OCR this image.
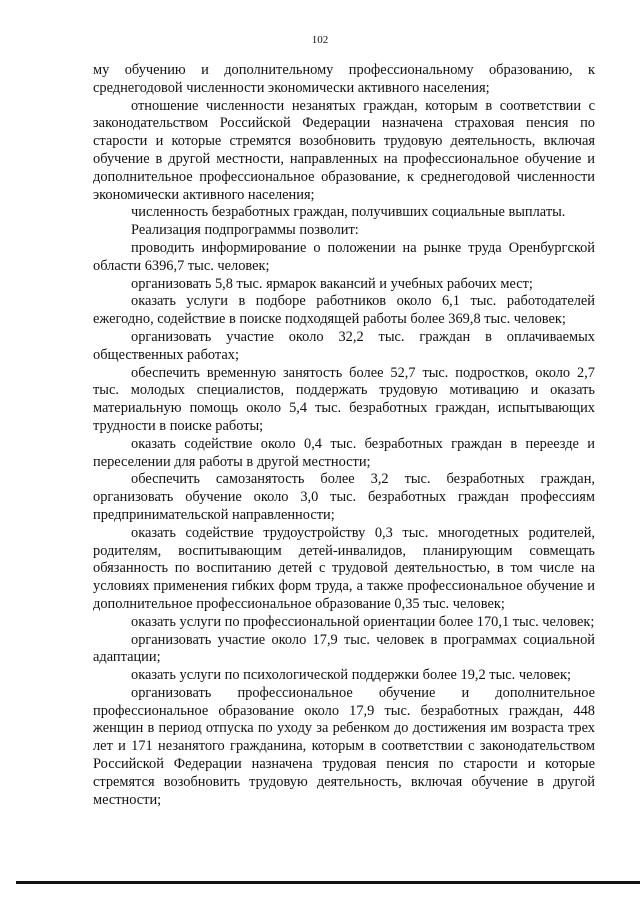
102

му обучению и дополнительному профессиональному образованию, к среднегодовой численности экономически активного населения;

отношение численности незанятых граждан, которым в соответствии с законодательством Российской Федерации назначена страховая пенсия по старости и которые стремятся возобновить трудовую деятельность, включая обучение в другой местности, направленных на профессиональное обучение и дополнительное профессиональное образование, к среднегодовой численности экономически активного населения;

численность безработных граждан, получивших социальные выплаты.

Реализация подпрограммы позволит:

проводить информирование о положении на рынке труда Оренбургской области 6396,7 тыс. человек;

организовать 5,8 тыс. ярмарок вакансий и учебных рабочих мест;

оказать услуги в подборе работников около 6,1 тыс. работодателей ежегодно, содействие в поиске подходящей работы более 369,8 тыс. человек;

организовать участие около 32,2 тыс. граждан в оплачиваемых общественных работах;

обеспечить временную занятость более 52,7 тыс. подростков, около 2,7 тыс. молодых специалистов, поддержать трудовую мотивацию и оказать материальную помощь около 5,4 тыс. безработных граждан, испытывающих трудности в поиске работы;

оказать содействие около 0,4 тыс. безработных граждан в переезде и переселении для работы в другой местности;

обеспечить самозанятость более 3,2 тыс. безработных граждан, организовать обучение около 3,0 тыс. безработных граждан профессиям предпринимательской направленности;

оказать содействие трудоустройству 0,3 тыс. многодетных родителей, родителям, воспитывающим детей-инвалидов, планирующим совмещать обязанность по воспитанию детей с трудовой деятельностью, в том числе на условиях применения гибких форм труда, а также профессиональное обучение и дополнительное профессиональное образование 0,35 тыс. человек;

оказать услуги по профессиональной ориентации более 170,1 тыс. человек;

организовать участие около 17,9 тыс. человек в программах социальной адаптации;

оказать услуги по психологической поддержки более 19,2 тыс. человек;

организовать профессиональное обучение и дополнительное профессиональное образование около 17,9 тыс. безработных граждан, 448 женщин в период отпуска по уходу за ребенком до достижения им возраста трех лет и 171 незанятого гражданина, которым в соответствии с законодательством Российской Федерации назначена трудовая пенсия по старости и которые стремятся возобновить трудовую деятельность, включая обучение в другой местности;
